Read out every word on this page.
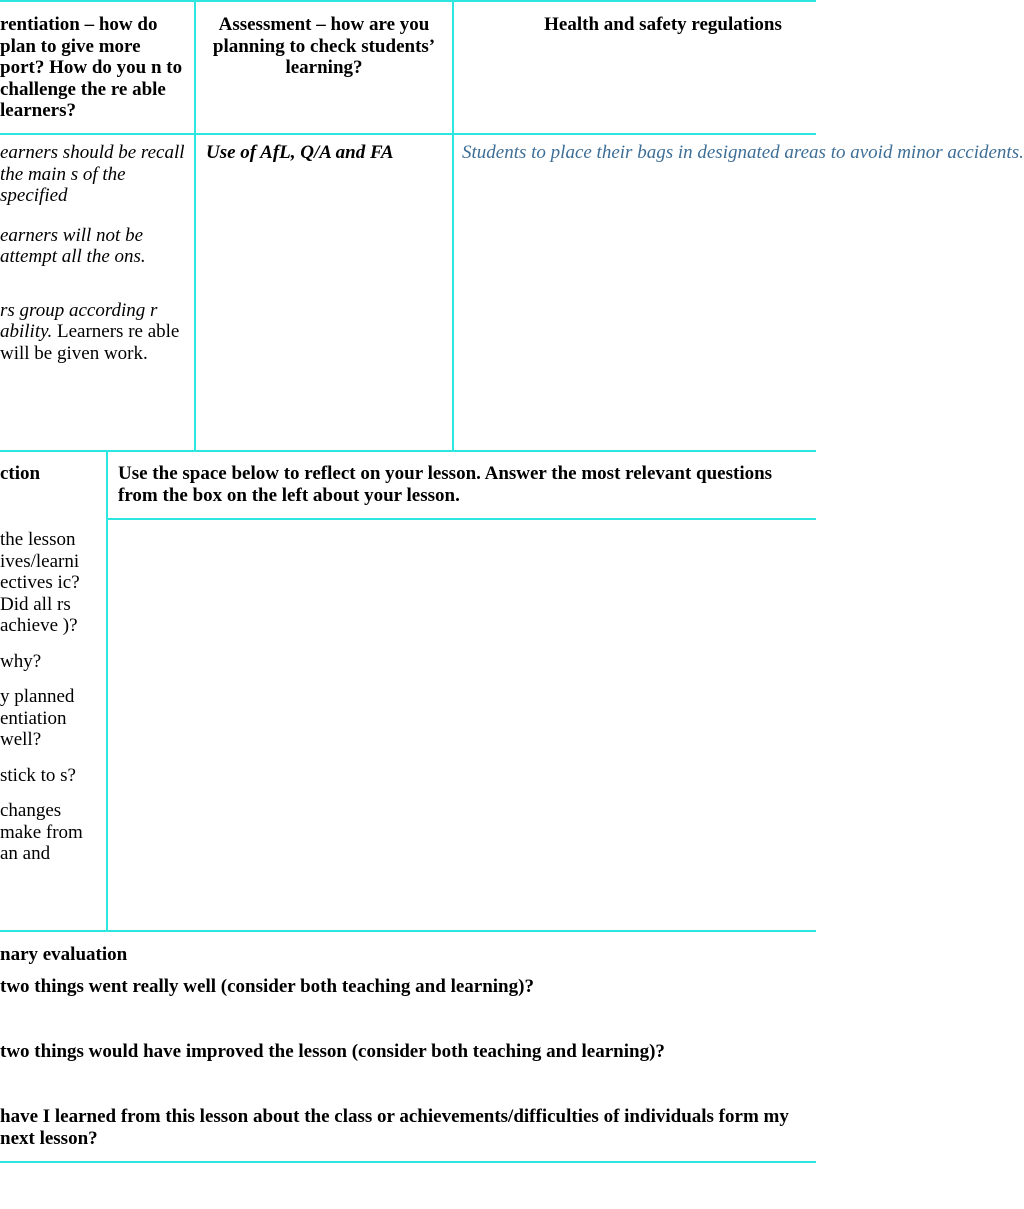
rentiation – how do plan to give more port? How do you n to challenge the re able learners?

Assessment – how are you planning to check students’ learning?

Health and safety regulations

earners should be recall the main s of the specified
earners will not be attempt all the ons.
rs group according r ability. Learners re able will be given work.

Use of AfL, Q/A and FA	Students to place their bags in designated areas to avoid minor accidents.

ction	Use the space below to reflect on your lesson. Answer the most relevant questions from the box on the left about your lesson.

the lesson ives/learni ectives ic? Did all rs achieve )?
why?
y planned entiation well?
stick to s?
changes make from an and

nary evaluation

two things went really well (consider both teaching and learning)?

two things would have improved the lesson (consider both teaching and learning)?

have I learned from this lesson about the class or achievements/difficulties of individuals form my next lesson?
